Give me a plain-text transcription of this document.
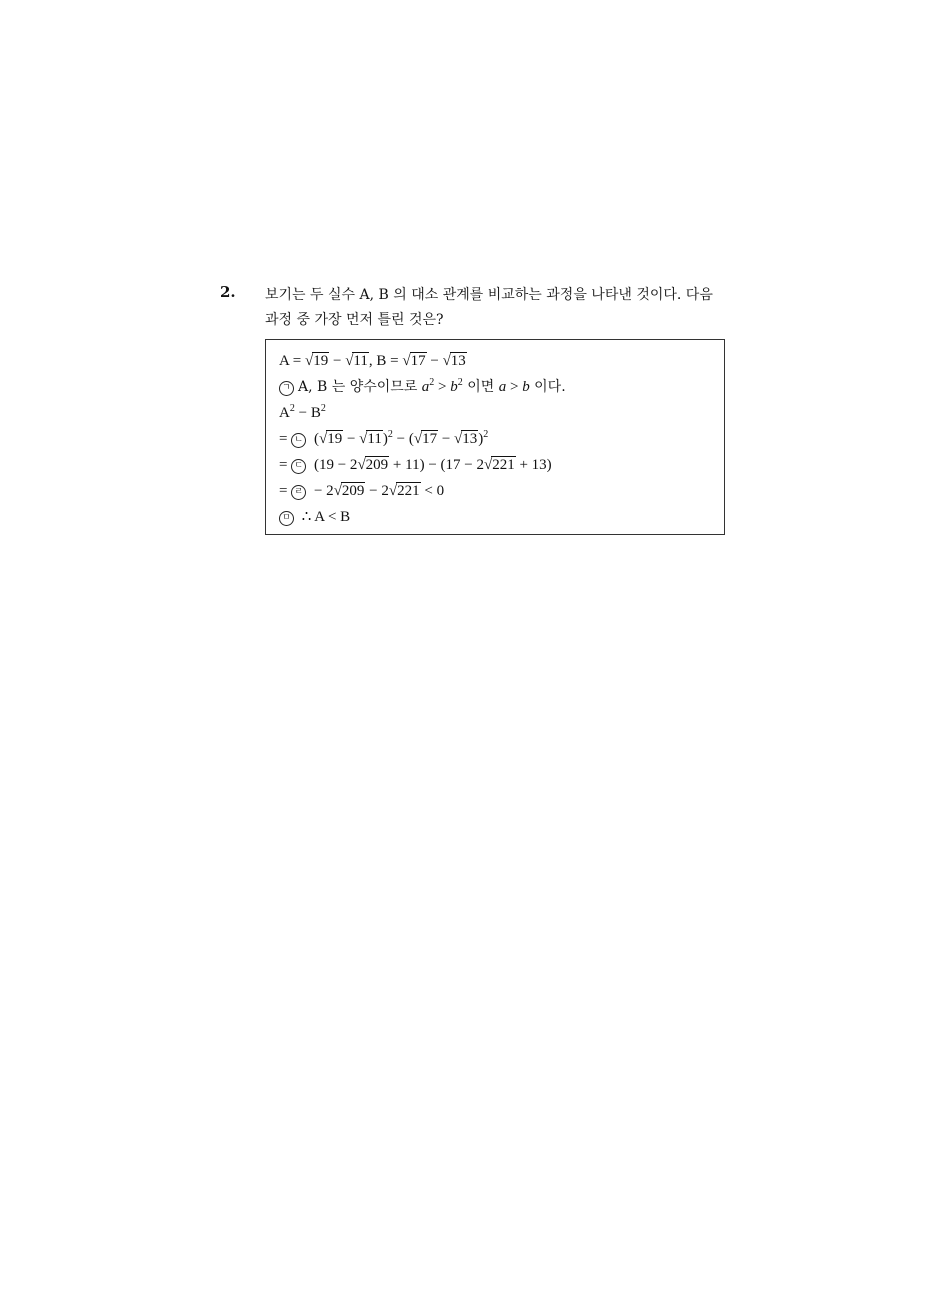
2. 보기는 두 실수 A, B 의 대소 관계를 비교하는 과정을 나타낸 것이다. 다음
과정 중 가장 먼저 틀린 것은?
A = √19 − √11, B = √17 − √13
ㄱ A, B 는 양수이므로 $a^2 > b^2$ 이면 a > b 이다.
$A^2 - B^2$
= ㄴ $(√19 - √11)^2 - (√17 - √13)^2$
= ㄷ (19 − 2√209 + 11) − (17 − 2√221 + 13)
= ㄹ − 2√209 − 2√221 < 0
ㅁ ∴ A < B
